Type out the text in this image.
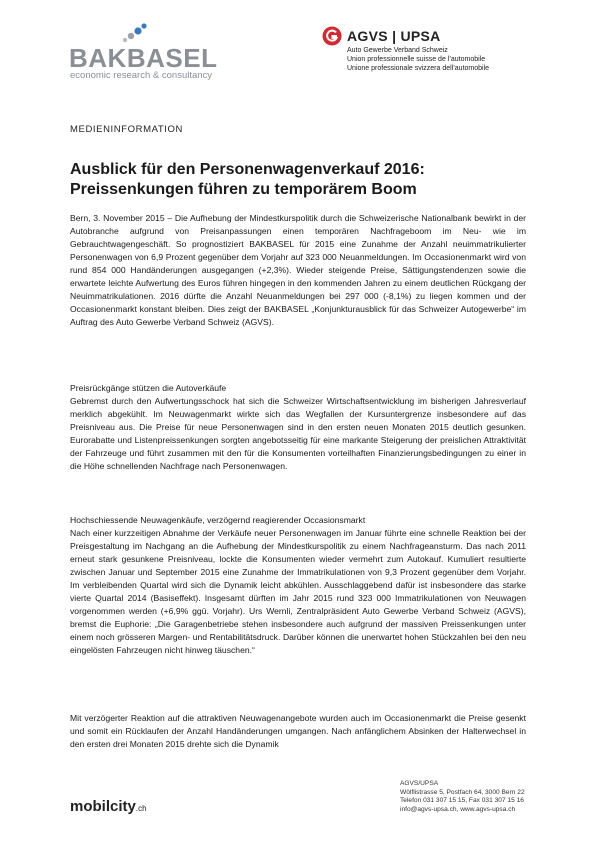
BAKBASEL
economic research & consultancy
AGVS | UPSA
Auto Gewerbe Verband Schweiz
Union professionnelle suisse de l’automobile
Unione professionale svizzera dell’automobile
MEDIENINFORMATION
Ausblick für den Personenwagenverkauf 2016: Preissenkungen führen zu temporärem Boom

Bern, 3. November 2015 – Die Aufhebung der Mindestkurspolitik durch die Schweizerische Nationalbank bewirkt in der Autobranche aufgrund von Preisanpassungen einen temporären Nachfrageboom im Neu- wie im Gebrauchtwagengeschäft. So prognostiziert BAKBASEL für 2015 eine Zunahme der Anzahl neuimmatrikulierter Personenwagen von 6,9 Prozent gegenüber dem Vorjahr auf 323 000 Neuanmeldungen. Im Occasionenmarkt wird von rund 854 000 Handänderungen ausgegangen (+2,3%). Wieder steigende Preise, Sättigungstendenzen sowie die erwartete leichte Aufwertung des Euros führen hingegen in den kommenden Jahren zu einem deutlichen Rückgang der Neuimmatrikulationen. 2016 dürfte die Anzahl Neuanmeldungen bei 297 000 (-8,1%) zu liegen kommen und der Occasionenmarkt konstant bleiben. Dies zeigt der BAKBASEL „Konjunkturausblick für das Schweizer Autogewerbe“ im Auftrag des Auto Gewerbe Verband Schweiz (AGVS).

Preisrückgänge stützen die Autoverkäufe

Gebremst durch den Aufwertungsschock hat sich die Schweizer Wirtschaftsentwicklung im bisherigen Jahresverlauf merklich abgekühlt. Im Neuwagenmarkt wirkte sich das Wegfallen der Kursuntergrenze insbesondere auf das Preisniveau aus. Die Preise für neue Personenwagen sind in den ersten neuen Monaten 2015 deutlich gesunken. Eurorabatte und Listenpreissenkungen sorgten angebotsseitig für eine markante Steigerung der preislichen Attraktivität der Fahrzeuge und führt zusammen mit den für die Konsumenten vorteilhaften Finanzierungsbedingungen zu einer in die Höhe schnellenden Nachfrage nach Personenwagen.

Hochschiessende Neuwagenkäufe, verzögernd reagierender Occasionsmarkt

Nach einer kurzzeitigen Abnahme der Verkäufe neuer Personenwagen im Januar führte eine schnelle Reaktion bei der Preisgestaltung im Nachgang an die Aufhebung der Mindestkurspolitik zu einem Nachfrageansturm. Das nach 2011 erneut stark gesunkene Preisniveau, lockte die Konsumenten wieder vermehrt zum Autokauf. Kumuliert resultierte zwischen Januar und September 2015 eine Zunahme der Immatrikulationen von 9,3 Prozent gegenüber dem Vorjahr. Im verbleibenden Quartal wird sich die Dynamik leicht abkühlen. Ausschlaggebend dafür ist insbesondere das starke vierte Quartal 2014 (Basiseffekt). Insgesamt dürften im Jahr 2015 rund 323 000 Immatrikulationen von Neuwagen vorgenommen werden (+6,9% ggü. Vorjahr). Urs Wernli, Zentralpräsident Auto Gewerbe Verband Schweiz (AGVS), bremst die Euphorie: „Die Garagenbetriebe stehen insbesondere auch aufgrund der massiven Preissenkungen unter einem noch grösseren Margen- und Rentabilitätsdruck. Darüber können die unerwartet hohen Stückzahlen bei den neu eingelösten Fahrzeugen nicht hinweg täuschen.“

Mit verzögerter Reaktion auf die attraktiven Neuwagenangebote wurden auch im Occasionenmarkt die Preise gesenkt und somit ein Rücklaufen der Anzahl Handänderungen umgangen. Nach anfänglichem Absinken der Halterwechsel in den ersten drei Monaten 2015 drehte sich die Dynamik

mobilcity.ch
AGVS/UPSA
Wölflistrasse 5, Postfach 64, 3000 Bern 22
Telefon 031 307 15 15, Fax 031 307 15 16
info@agvs-upsa.ch, www.agvs-upsa.ch
